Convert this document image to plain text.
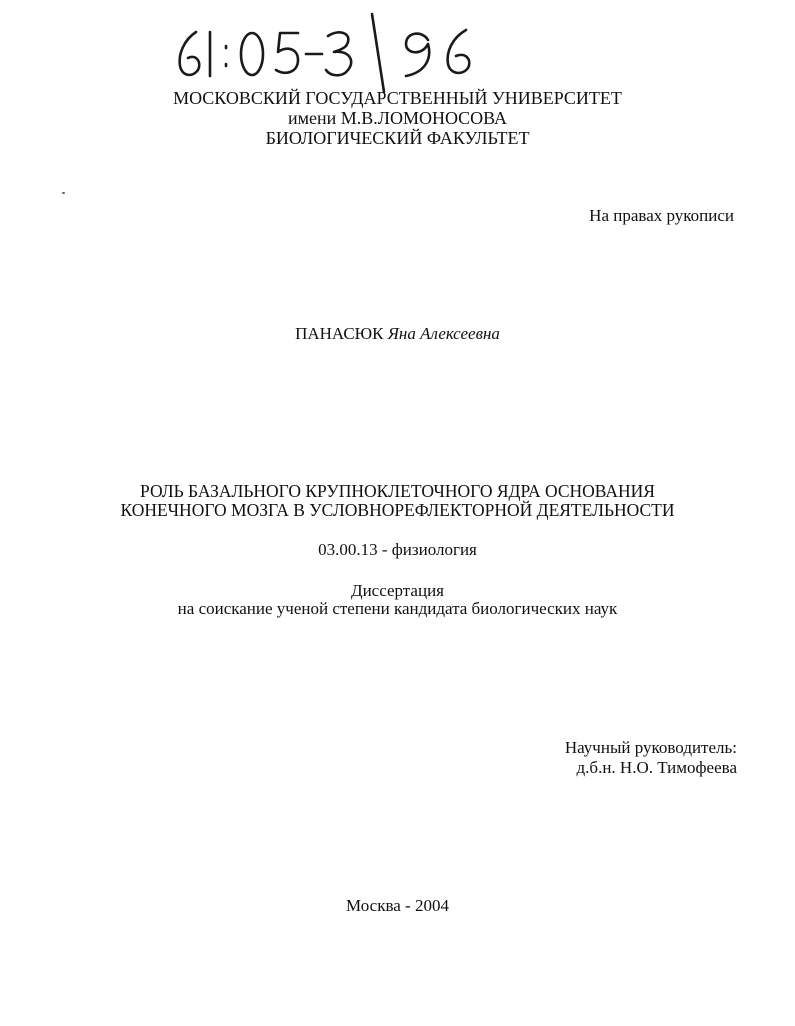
МОСКОВСКИЙ ГОСУДАРСТВЕННЫЙ УНИВЕРСИТЕТ

имени М.В.ЛОМОНОСОВА

БИОЛОГИЧЕСКИЙ ФАКУЛЬТЕТ

На правах рукописи

ПАНАСЮК Яна Алексеевна

РОЛЬ БАЗАЛЬНОГО КРУПНОКЛЕТОЧНОГО ЯДРА ОСНОВАНИЯ

КОНЕЧНОГО МОЗГА В УСЛОВНОРЕФЛЕКТОРНОЙ ДЕЯТЕЛЬНОСТИ

03.00.13 - физиология

Диссертация

на соискание ученой степени кандидата биологических наук

Научный руководитель:

д.б.н. Н.О. Тимофеева

Москва - 2004
